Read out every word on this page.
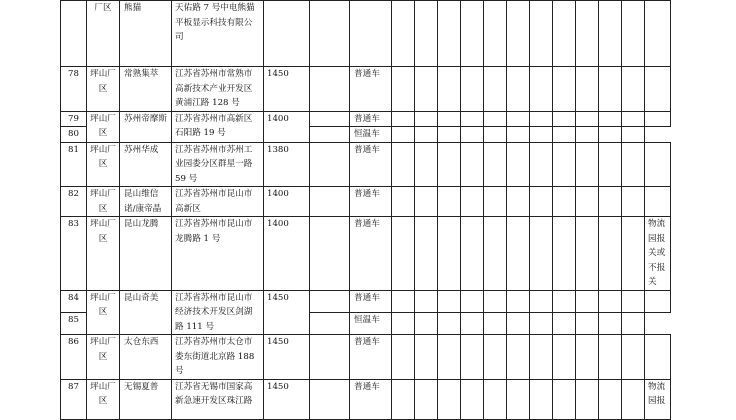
	厂区	熊猫	天佑路 7 号中电熊猫平板显示科技有限公司															
78	坪山厂区	常熟集萃	江苏省苏州市常熟市高新技术产业开发区黄浦江路 128 号	1450		普通车												
79	坪山厂区	苏州帝摩斯	江苏省苏州市高新区石阳路 19 号	1400		普通车												
80						恒温车												
81	坪山厂区	苏州华成	江苏省苏州市苏州工业园娄分区群星一路 59 号	1380		普通车												
82	坪山厂区	昆山维信诺/康帝晶	江苏省苏州市昆山市高新区	1400		普通车												
83	坪山厂区	昆山龙腾	江苏省苏州市昆山市龙腾路 1 号	1400		普通车												物流园报关或不报关
84	坪山厂区	昆山奇美	江苏省苏州市昆山市经济技术开发区剑湖路 111 号	1450		普通车												
85						恒温车												
86	坪山厂区	太仓东西	江苏省苏州市太仓市娄东街道北京路 188 号	1450		普通车												
87	坪山厂区	无锡夏普	江苏省无锡市国家高新急速开发区珠江路	1450		普通车												物流园报
